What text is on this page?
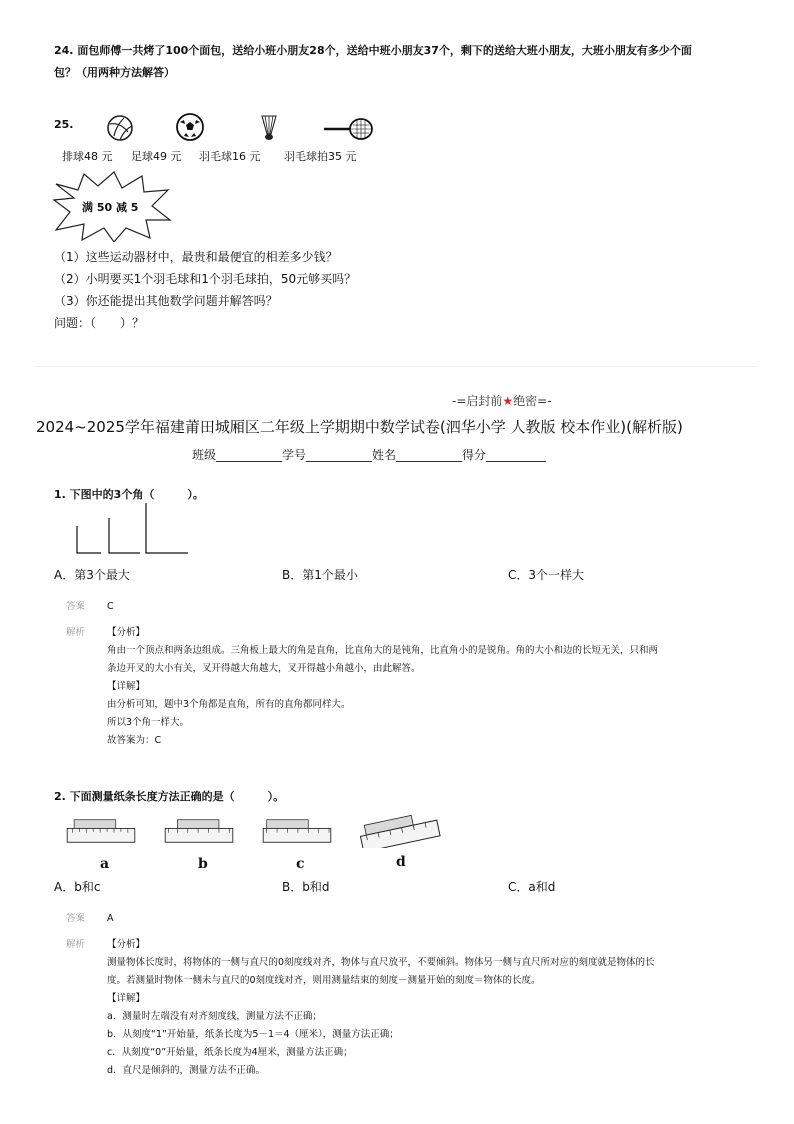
24. 面包师傅一共烤了100个面包，送给小班小朋友28个，送给中班小朋友37个，剩下的送给大班小朋友，大班小朋友有多少个面
包？（用两种方法解答）
25.
排球48 元 足球49 元 羽毛球16 元 羽毛球拍35 元
满 50 减 5
（1）这些运动器材中，最贵和最便宜的相差多少钱？
（2）小明要买1个羽毛球和1个羽毛球拍，50元够买吗？
（3）你还能提出其他数学问题并解答吗？
问题：（　　）？
-=启封前★绝密=-
2024~2025学年福建莆田城厢区二年级上学期期中数学试卷(泗华小学 人教版 校本作业)(解析版)
班级___________学号___________姓名___________得分__________
1. 下图中的3个角（　　　）。
A．第3个最大	B．第1个最小	C．3个一样大
答案 C
解析 【分析】
角由一个顶点和两条边组成。三角板上最大的角是直角，比直角大的是钝角，比直角小的是锐角。角的大小和边的长短无关，只和两
条边开叉的大小有关，叉开得越大角越大，叉开得越小角越小，由此解答。
【详解】
由分析可知，题中3个角都是直角，所有的直角都同样大。
所以3个角一样大。
故答案为：C
2. 下面测量纸条长度方法正确的是（　　　）。
a	b	c	d
A．b和c	B．b和d	C．a和d
答案 A
解析 【分析】
测量物体长度时，将物体的一侧与直尺的0刻度线对齐，物体与直尺放平，不要倾斜。物体另一侧与直尺所对应的刻度就是物体的长
度。若测量时物体一侧未与直尺的0刻度线对齐，则用测量结束的刻度－测量开始的刻度＝物体的长度。
【详解】
a．测量时左端没有对齐刻度线，测量方法不正确；
b．从刻度“1”开始量，纸条长度为5－1＝4（厘米），测量方法正确；
c．从刻度“0”开始量，纸条长度为4厘米，测量方法正确；
d．直尺是倾斜的，测量方法不正确。
